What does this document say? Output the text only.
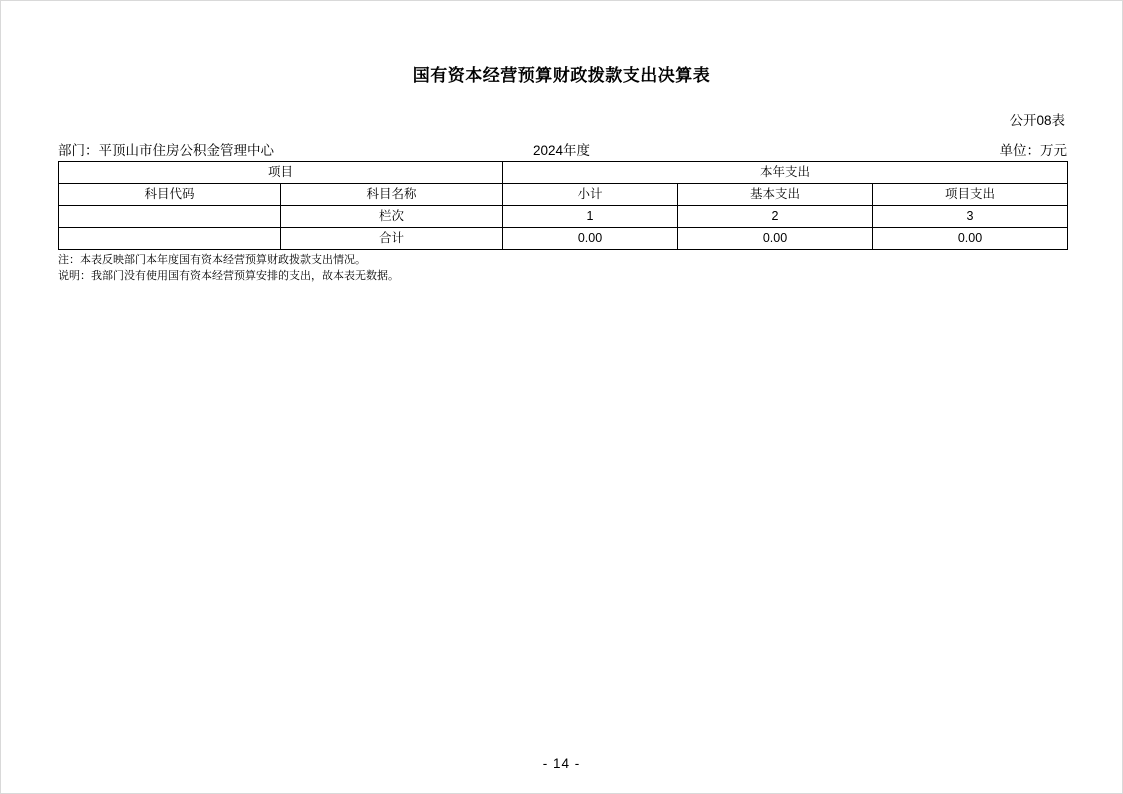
国有资本经营预算财政拨款支出决算表
公开08表
部门：平顶山市住房公积金管理中心	2024年度	单位：万元
项目		本年支出		
科目代码	科目名称	小计	基本支出	项目支出
	栏次	1	2	3
	合计	0.00	0.00	0.00
注：本表反映部门本年度国有资本经营预算财政拨款支出情况。
说明：我部门没有使用国有资本经营预算安排的支出，故本表无数据。
- 14 -
